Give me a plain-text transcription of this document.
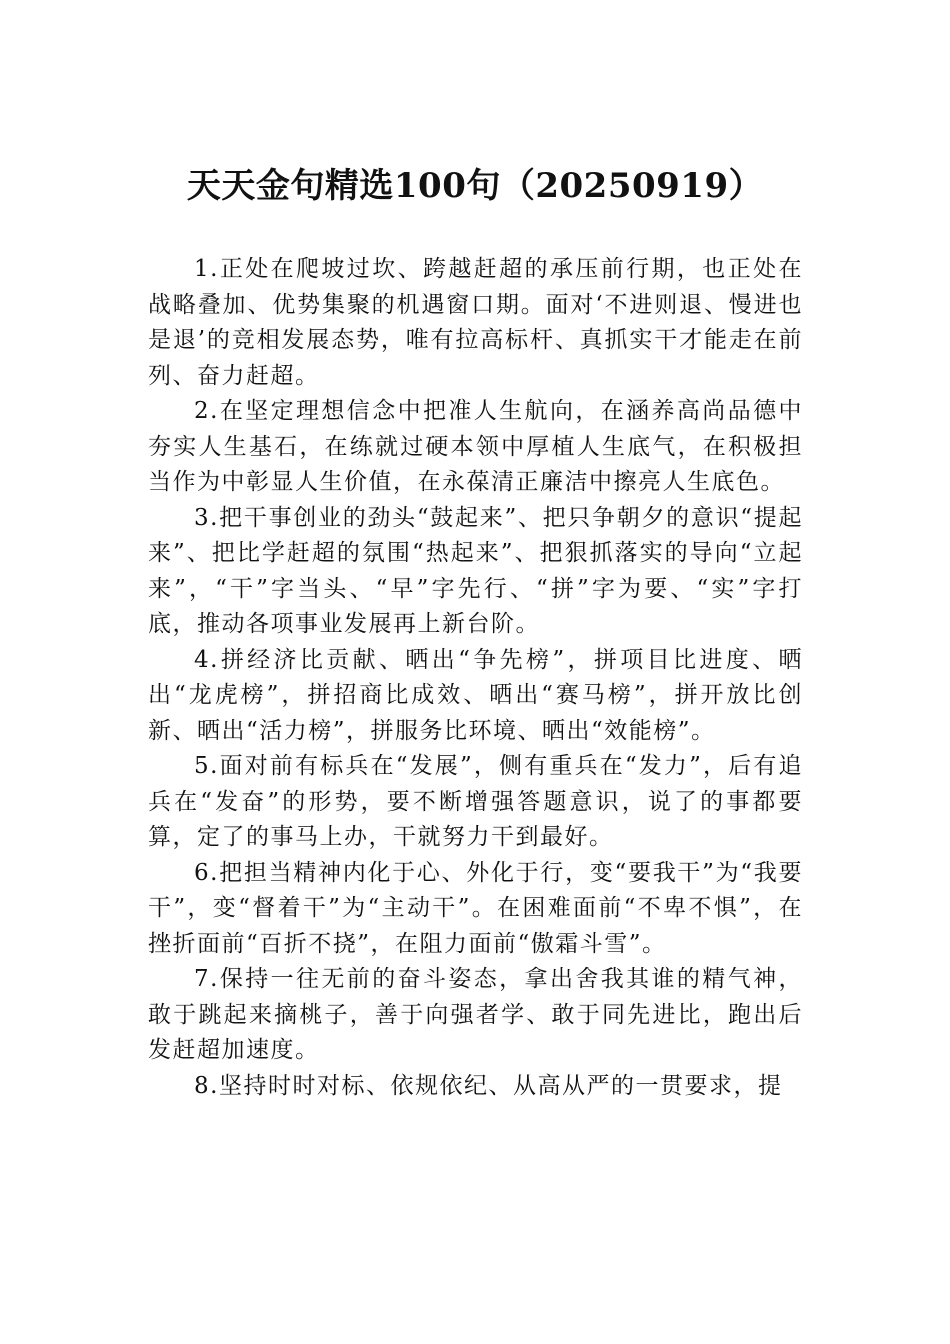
天天金句精选100句（20250919）

1.正处在爬坡过坎、跨越赶超的承压前行期，也正处在战略叠加、优势集聚的机遇窗口期。面对‘不进则退、慢进也是退’的竞相发展态势，唯有拉高标杆、真抓实干才能走在前列、奋力赶超。

2.在坚定理想信念中把准人生航向，在涵养高尚品德中夯实人生基石，在练就过硬本领中厚植人生底气，在积极担当作为中彰显人生价值，在永葆清正廉洁中擦亮人生底色。

3.把干事创业的劲头“鼓起来”、把只争朝夕的意识“提起来”、把比学赶超的氛围“热起来”、把狠抓落实的导向“立起来”，“干”字当头、“早”字先行、“拼”字为要、“实”字打底，推动各项事业发展再上新台阶。

4.拼经济比贡献、晒出“争先榜”，拼项目比进度、晒出“龙虎榜”，拼招商比成效、晒出“赛马榜”，拼开放比创新、晒出“活力榜”，拼服务比环境、晒出“效能榜”。

5.面对前有标兵在“发展”，侧有重兵在“发力”，后有追兵在“发奋”的形势，要不断增强答题意识，说了的事都要算，定了的事马上办，干就努力干到最好。

6.把担当精神内化于心、外化于行，变“要我干”为“我要干”，变“督着干”为“主动干”。在困难面前“不卑不惧”，在挫折面前“百折不挠”，在阻力面前“傲霜斗雪”。

7.保持一往无前的奋斗姿态，拿出舍我其谁的精气神，敢于跳起来摘桃子，善于向强者学、敢于同先进比，跑出后发赶超加速度。

8.坚持时时对标、依规依纪、从高从严的一贯要求，提
